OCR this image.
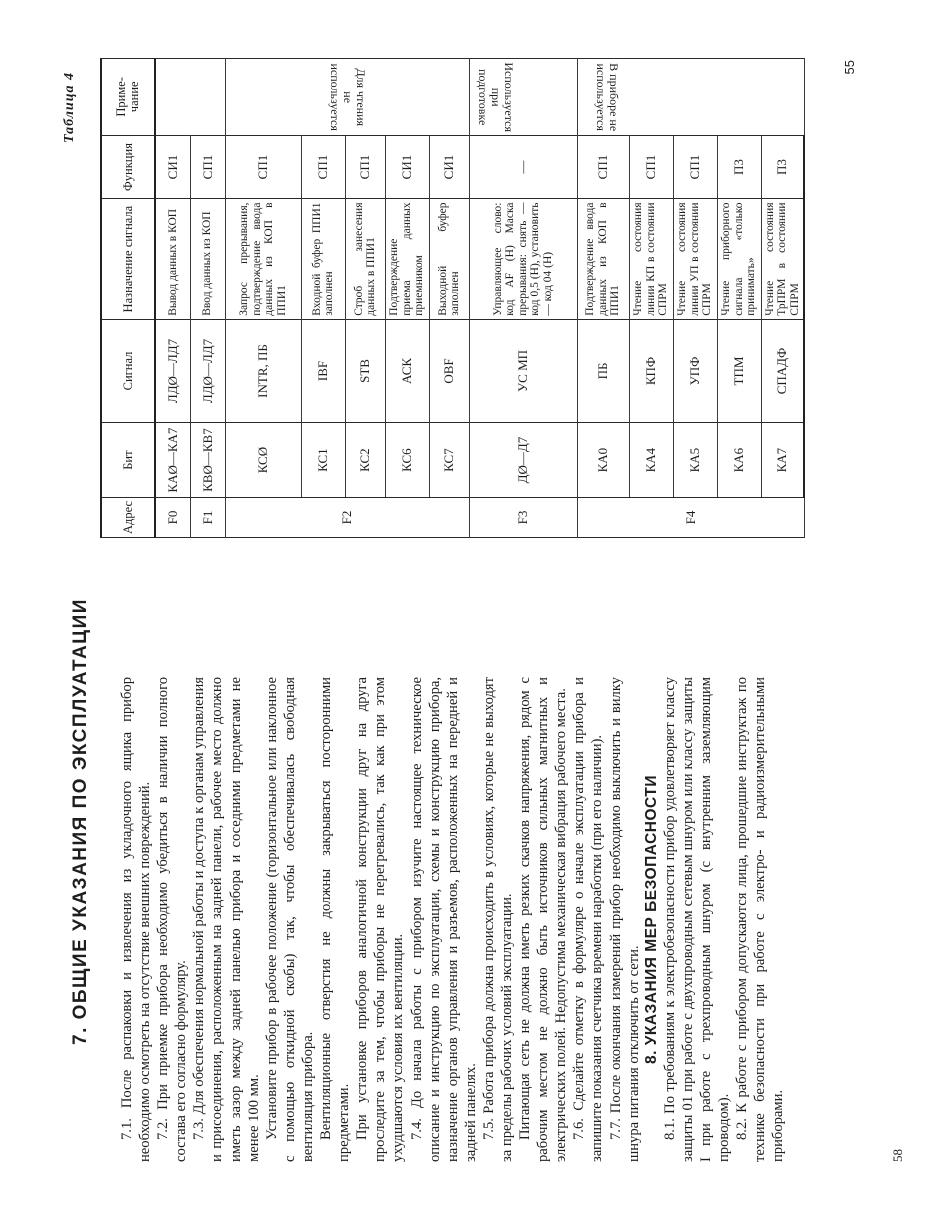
7. ОБЩИЕ УКАЗАНИЯ ПО ЭКСПЛУАТАЦИИ 7.1. После распаковки и извлечения из укладочного ящика прибор необходимо осмотреть на отсутствие внешних повреждений. 7.2. При приемке прибора необходимо убедиться в наличии полного состава его согласно формуляру. 7.3. Для обеспечения нормальной работы и доступа к органам управления и присоединения, расположенным на задней панели, рабочее место должно иметь зазор между задней панелью прибора и соседними предметами не менее 100 мм. Установите прибор в рабочее положение (горизонтальное или наклонное с помощью откидной скобы) так, чтобы обеспечивалась свободная вентиляция прибора. Вентиляционные отверстия не должны закрываться посторонними предметами. При установке приборов аналогичной конструкции друг на друга проследите за тем, чтобы приборы не перегревались, так как при этом ухудшаются условия их вентиляции. 7.4. До начала работы с прибором изучите настоящее техническое описание и инструкцию по эксплуатации, схемы и конструкцию прибора, назначение органов управления и разъемов, расположенных на передней и задней панелях. 7.5. Работа прибора должна происходить в условиях, которые не выходят за пределы рабочих условий эксплуатации. Питающая сеть не должна иметь резких скачков напряжения, рядом с рабочим местом не должно быть источников сильных магнитных и электрических полей. Недопустима механическая вибрация рабочего места. 7.6. Сделайте отметку в формуляре о начале эксплуатации прибора и запишите показания счетчика времени наработки (при его наличии). 7.7. После окончания измерений прибор необходимо выключить и вилку шнура питания отключить от сети. 8. УКАЗАНИЯ МЕР БЕЗОПАСНОСТИ 8.1. По требованиям к электробезопасности прибор удовлетворяет классу защиты 01 при работе с двухпроводным сетевым шнуром или классу защиты I при работе с трехпроводным шнуром (с внутренним заземляющим проводом). 8.2. К работе с прибором допускаются лица, прошедшие инструктаж по технике безопасности при работе с электро- и радиоизмерительными приборами.	58
Таблица 4
Адрес	Бит	Сигнал	Назначение сигнала	Функция	Приме-чание
F0	КАØ—КА7	ЛДØ—ЛД7	Вывод данных в КОП	СИ1	
F1	КВØ—КВ7	ЛДØ—ЛД7	Ввод данных из КОП	СП1	
F2	КСØ	INTR, ПБ	Запрос прерывания, подтверждение ввода данных из КОП в ППИ1	СП1	Для чтения не используется
	КС1	IBF	Входной буфер ППИ1 заполнен	СП1	
	КС2	STB	Строб занесения данных в ППИ1	СП1	
	КС6	АСК	Подтверждение приема данных приемником	СИ1	
	КС7	OBF	Выходной буфер заполнен	СИ1	
F3	ДØ—Д7	УС МП	Управляющее слово: код АF (H) Маска прерывания: снять — код 0,5 (H), установить — код 04 (H)	—	Используется при подготовке
F4	КА0	ПБ	Подтверждение ввода данных из КОП в ППИ1	СП1	В приборе не используется
	КА4	КПФ	Чтение состояния линии КП в состоянии СПРМ	СП1	
	КА5	УПФ	Чтение состояния линии УП в состоянии СПРМ	СП1	
	КА6	ТПМ	Чтение приборного сигнала «только принимать»	П3	
	КА7	СПАДФ	Чтение состояния ТрПРМ в состоянии СПРМ	П3	
55
